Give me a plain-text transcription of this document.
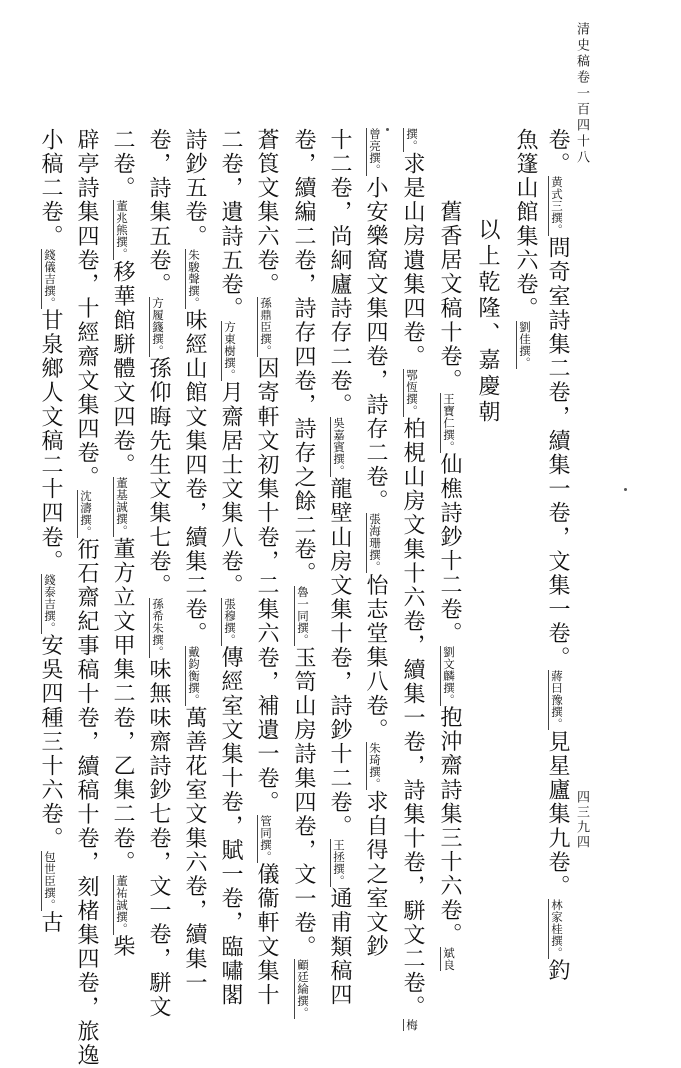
清史稿卷一百四十八
四三九四
卷。黄式三撰。問奇室詩集二卷，續集一卷，文集一卷。蔣曰豫撰。見星廬集九卷。林家桂撰。釣
魚篷山館集六卷。劉佳撰。
以上乾隆、嘉慶朝
舊香居文稿十卷。王寶仁撰。仙樵詩鈔十二卷。劉文麟撰。抱沖齋詩集三十六卷。斌良
撰。求是山房遺集四卷。鄂恆撰。柏梘山房文集十六卷，續集一卷，詩集十卷，駢文二卷。梅
曾亮撰。小安樂窩文集四卷，詩存二卷。張海珊撰。怡志堂集八卷。朱琦撰。求自得之室文鈔
十二卷，尚絅廬詩存二卷。吳嘉賓撰。龍壁山房文集十卷，詩鈔十二卷。王拯撰。通甫類稿四
卷，續編二卷，詩存四卷，詩存之餘二卷。魯一同撰。玉笥山房詩集四卷，文一卷。顧廷綸撰。
蒼筤文集六卷。孫鼎臣撰。因寄軒文初集十卷，二集六卷，補遺一卷。管同撰。儀衞軒文集十
二卷，遺詩五卷。方東樹撰。月齋居士文集八卷。張穆撰。傳經室文集十卷，賦一卷，臨嘯閣
詩鈔五卷。朱駿聲撰。味經山館文集四卷，續集二卷。戴鈞衡撰。萬善花室文集六卷，續集一
卷，詩集五卷。方履籛撰。孫仰晦先生文集七卷。孫希朱撰。味無味齋詩鈔七卷，文一卷，駢文
二卷。董兆熊撰。移華館駢體文四卷。董基誠撰。董方立文甲集二卷，乙集二卷。董祐誠撰。柴
辟亭詩集四卷，十經齋文集四卷。沈濤撰。衎石齋紀事稿十卷，續稿十卷，刻楮集四卷，旅逸
小稿二卷。錢儀吉撰。甘泉鄉人文稿二十四卷。錢泰吉撰。安吳四種三十六卷。包世臣撰。古
